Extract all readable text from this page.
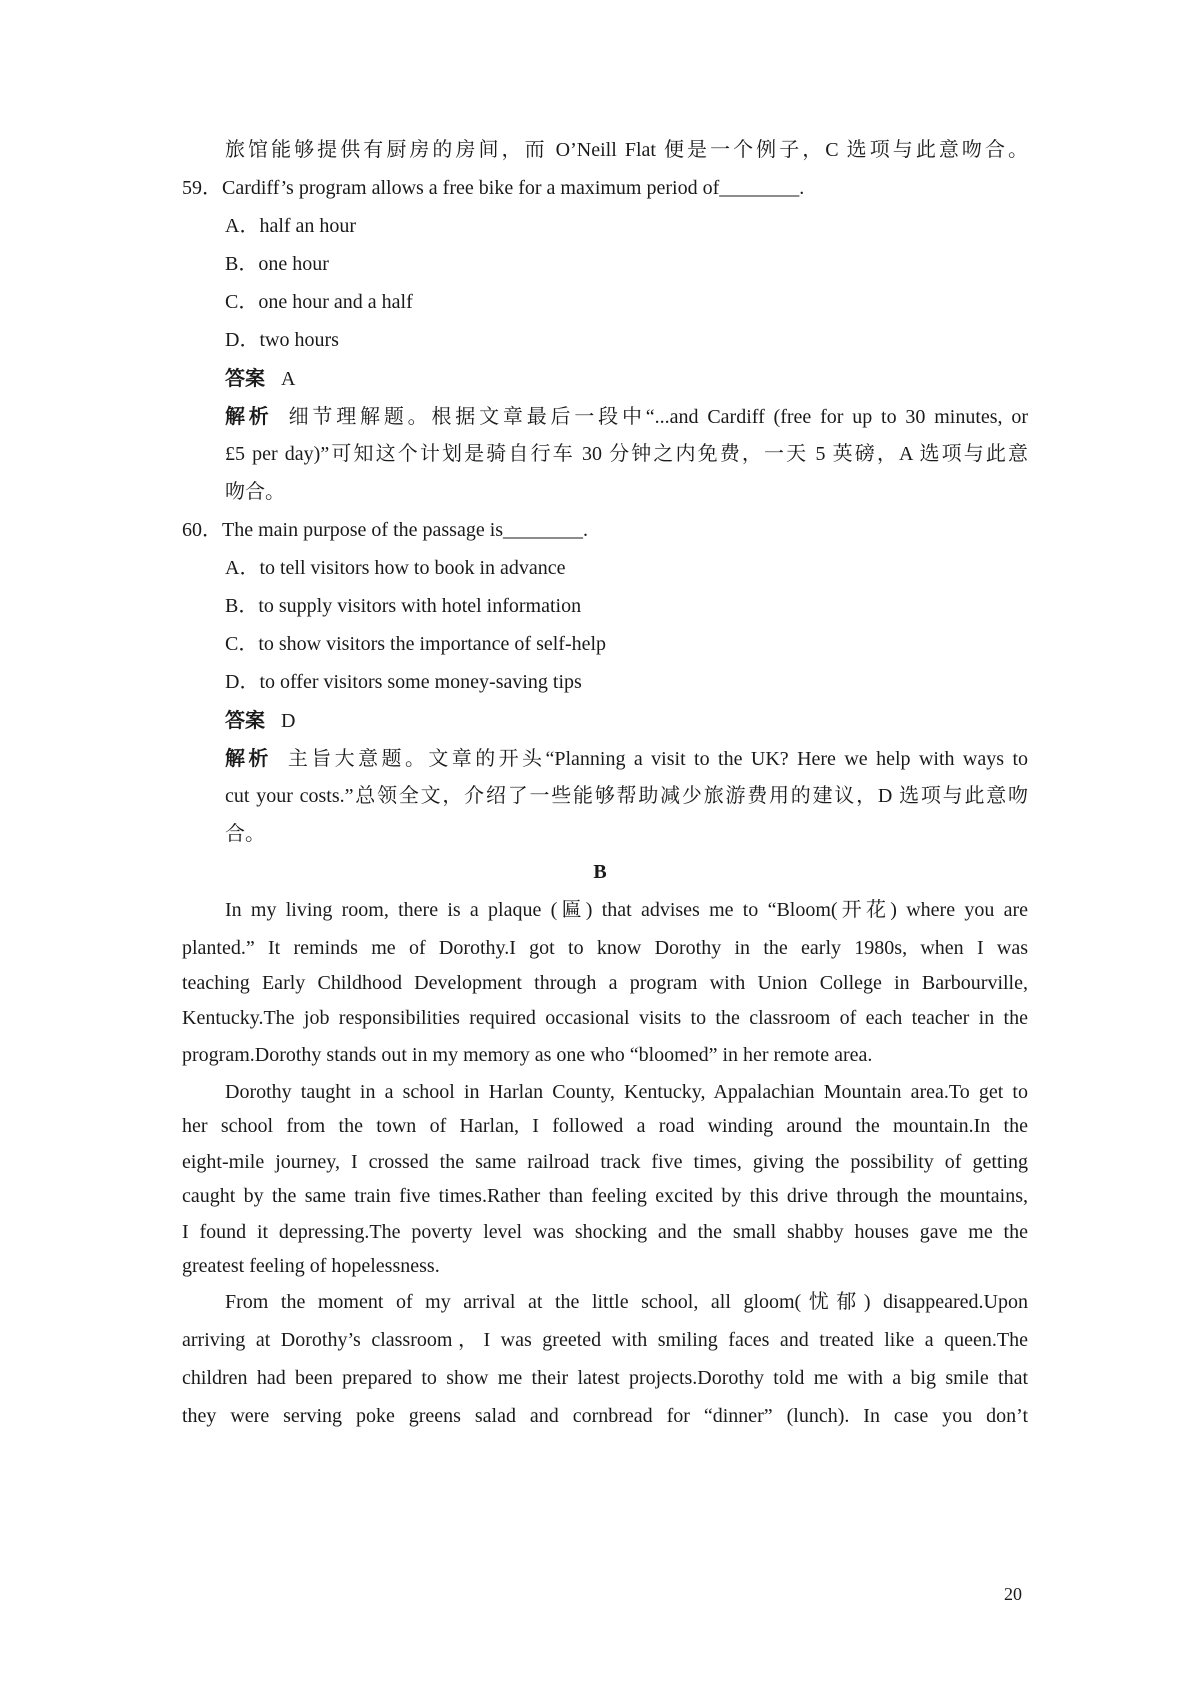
旅馆能够提供有厨房的房间，而 O’Neill Flat 便是一个例子，C 选项与此意吻合。
59．Cardiff’s program allows a free bike for a maximum period of________.
A．half an hour
B．one hour
C．one hour and a half
D．two hours
答案 A
解析 细节理解题。根据文章最后一段中“...and Cardiff (free for up to 30 minutes, or
£5 per day)”可知这个计划是骑自行车 30 分钟之内免费，一天 5 英磅，A 选项与此意
吻合。
60．The main purpose of the passage is________.
A．to tell visitors how to book in advance
B．to supply visitors with hotel information
C．to show visitors the importance of self-help
D．to offer visitors some money-saving tips
答案 D
解析 主旨大意题。文章的开头“Planning a visit to the UK? Here we help with ways to
cut your costs.”总领全文，介绍了一些能够帮助减少旅游费用的建议，D 选项与此意吻
合。
B
In my living room, there is a plaque (匾) that advises me to “Bloom(开花) where you are
planted.” It reminds me of Dorothy.I got to know Dorothy in the early 1980s, when I was
teaching Early Childhood Development through a program with Union College in Barbourville,
Kentucky.The job responsibilities required occasional visits to the classroom of each teacher in the
program.Dorothy stands out in my memory as one who “bloomed” in her remote area.
Dorothy taught in a school in Harlan County, Kentucky, Appalachian Mountain area.To get to
her school from the town of Harlan, I followed a road winding around the mountain.In the
eight-mile journey, I crossed the same railroad track five times, giving the possibility of getting
caught by the same train five times.Rather than feeling excited by this drive through the mountains,
I found it depressing.The poverty level was shocking and the small shabby houses gave me the
greatest feeling of hopelessness.
From the moment of my arrival at the little school, all gloom(忧郁) disappeared.Upon
arriving at Dorothy’s classroom，I was greeted with smiling faces and treated like a queen.The
children had been prepared to show me their latest projects.Dorothy told me with a big smile that
they were serving poke greens salad and cornbread for “dinner” (lunch). In case you don’t
20
